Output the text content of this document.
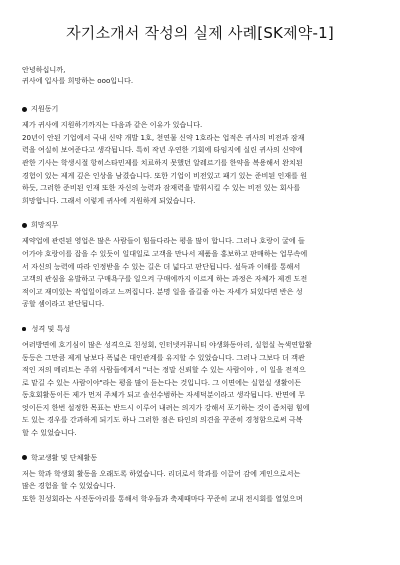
자기소개서 작성의 실제 사례[SK제약-1]
안녕하십니까,
귀사에 입사를 희망하는 ooo입니다.
지원동기
제가 귀사에 지원하기까지는 다음과 같은 이유가 있습니다.
20년이 안된 기업에서 국내 신약 개발 1호, 천연물 신약 1호라는 업적은 귀사의 비전과 잠재
력을 여실히 보여준다고 생각됩니다. 특히 작년 우연한 기회에 타임지에 실린 귀사의 신약에
관한 기사는 학생시절 항히스타민제를 치료하지 못했던 알레르기를 한약을 복용해서 완치된
경험이 있는 제게 깊은 인상을 남겼습니다. 또한 기업이 비전있고 패기 있는 준비된 인재를 원
하듯, 그러한 준비된 인재 또한 자신의 능력과 잠재력을 발휘시킬 수 있는 비전 있는 회사를
희망합니다. 그래서 이렇게 귀사에 지원하게 되었습니다.
희망직무
제약업에 관련된 영업은 많은 사람들이 힘들다라는 평을 많이 합니다. 그러나 호랑이 굴에 들
어가야 호랑이를 잡을 수 있듯이 일대일로 고객을 만나서 제품을 홍보하고 판매하는 업무속에
서 자신의 능력에 따라 인정받을 수 있는 길은 더 넓다고 판단됩니다. 설득과 이해를 통해서
고객의 관심을 유발하고 구매욕구를 일으켜 구매에까지 이르게 하는 과정은 자체가 제겐 도전
적이고 재미있는 작업일이라고 느껴집니다. 분명 일을 즐길줄 아는 자세가 되있다면 반은 성
공할 셈이라고 판단됩니다.
성격 및 특성
여러방면에 호기심이 많은 성격으로 친성회, 인터넷커뮤니티 야생화동아리, 실험실 녹색연합활
동등은 그만큼 제게 남보다 폭넓은 대인관계를 유지할 수 있었습니다. 그러나 그보다 더 객관
적인 저의 메리트는 주위 사람들에게서 "너는 정말 신뢰할 수 있는 사람이야 , 이 일을 전적으
로 맡길 수 있는 사람이야"라는 평을 많이 듣는다는 것입니다. 그 이면에는 실험실 생활이든
동호회활동이든 제가 먼저 주체가 되고 솔선수범하는 자세덕분이라고 생각됩니다. 반면에 무
엇이든지 한번 설정한 목표는 반드시 이루어 내려는 의지가 강해서 포기하는 것이 좀처럼 힘에
도 있는 경우를 간과하게 되기도 하나 그러한 점은 타인의 의견을 꾸준히 경청함으로써 극복
할 수 있었습니다.
학교생활 및 단체활동
저는 학과 학생회 활동을 오래도록 하였습니다. 리더로서 학과를 이끌어 감에 게인으로서는
많은 경험을 할 수 있었습니다.
또한 친성회라는 사진동아리를 통해서 학우들과 축제때마다 꾸준히 교내 전시회를 열었으며
